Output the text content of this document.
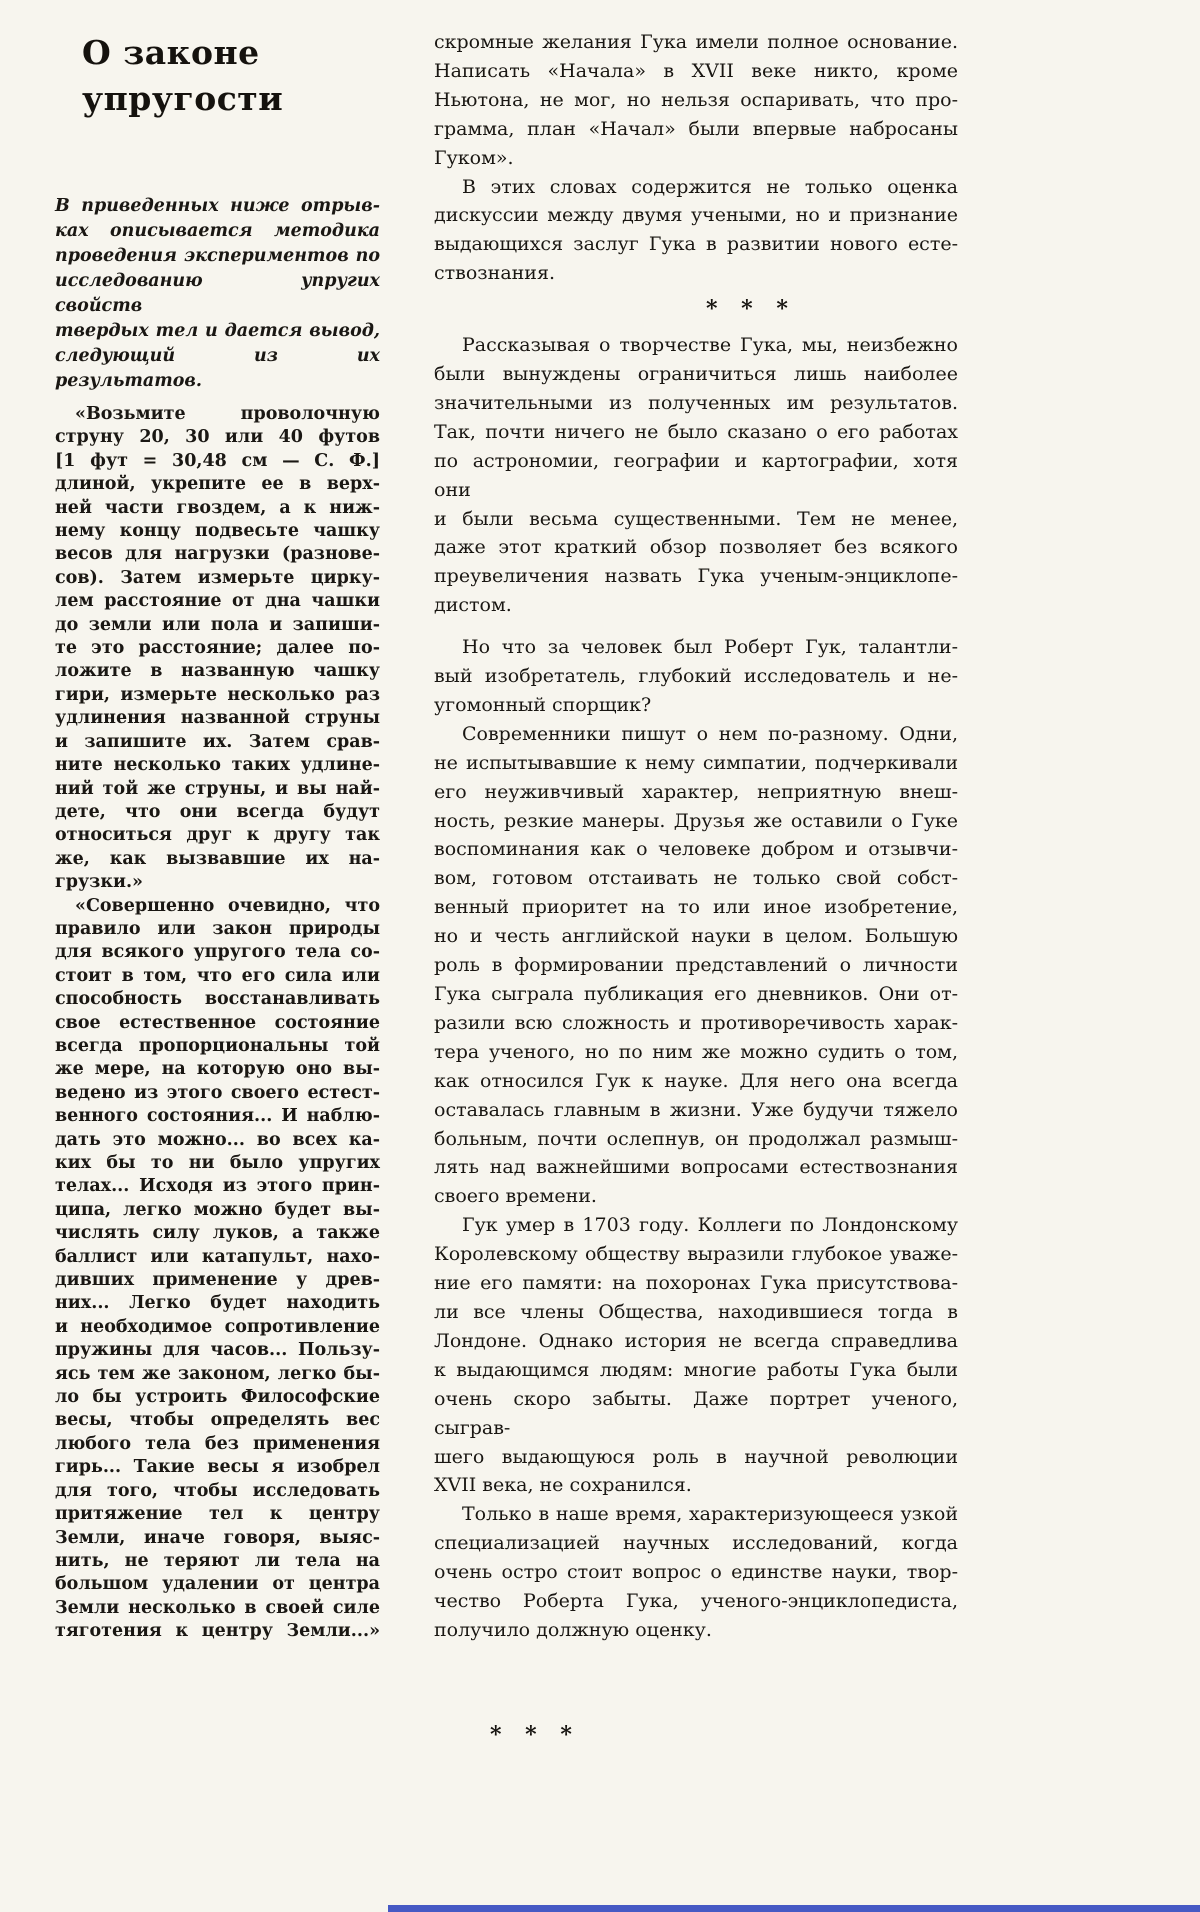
О законе
упругости
В приведенных ниже отрыв-
ках описывается методика
проведения экспериментов по
исследованию упругих свойств
твердых тел и дается вывод,
следующий из их результатов.
«Возьмите проволочную
струну 20, 30 или 40 футов
[1 фут = 30,48 см — С. Ф.]
длиной, укрепите ее в верх-
ней части гвоздем, а к ниж-
нему концу подвесьте чашку
весов для нагрузки (разнове-
сов). Затем измерьте цирку-
лем расстояние от дна чашки
до земли или пола и запиши-
те это расстояние; далее по-
ложите в названную чашку
гири, измерьте несколько раз
удлинения названной струны
и запишите их. Затем срав-
ните несколько таких удлине-
ний той же струны, и вы най-
дете, что они всегда будут
относиться друг к другу так
же, как вызвавшие их на-
грузки.»
«Совершенно очевидно, что
правило или закон природы
для всякого упругого тела со-
стоит в том, что его сила или
способность восстанавливать
свое естественное состояние
всегда пропорциональны той
же мере, на которую оно вы-
ведено из этого своего естест-
венного состояния... И наблю-
дать это можно... во всех ка-
ких бы то ни было упругих
телах... Исходя из этого прин-
ципа, легко можно будет вы-
числять силу луков, а также
баллист или катапульт, нахо-
дивших применение у древ-
них... Легко будет находить
и необходимое сопротивление
пружины для часов... Пользу-
ясь тем же законом, легко бы-
ло бы устроить Философские
весы, чтобы определять вес
любого тела без применения
гирь... Такие весы я изобрел
для того, чтобы исследовать
притяжение тел к центру
Земли, иначе говоря, выяс-
нить, не теряют ли тела на
большом удалении от центра
Земли несколько в своей силе
тяготения к центру Земли...»
скромные желания Гука имели полное основание.
Написать «Начала» в XVII веке никто, кроме
Ньютона, не мог, но нельзя оспаривать, что про-
грамма, план «Начал» были впервые набросаны
Гуком».
В этих словах содержится не только оценка
дискуссии между двумя учеными, но и признание
выдающихся заслуг Гука в развитии нового есте-
ствознания.
* * *
Рассказывая о творчестве Гука, мы, неизбежно
были вынуждены ограничиться лишь наиболее
значительными из полученных им результатов.
Так, почти ничего не было сказано о его работах
по астрономии, географии и картографии, хотя они
и были весьма существенными. Тем не менее,
даже этот краткий обзор позволяет без всякого
преувеличения назвать Гука ученым-энциклопе-
дистом.
Но что за человек был Роберт Гук, талантли-
вый изобретатель, глубокий исследователь и не-
угомонный спорщик?
Современники пишут о нем по-разному. Одни,
не испытывавшие к нему симпатии, подчеркивали
его неуживчивый характер, неприятную внеш-
ность, резкие манеры. Друзья же оставили о Гуке
воспоминания как о человеке добром и отзывчи-
вом, готовом отстаивать не только свой собст-
венный приоритет на то или иное изобретение,
но и честь английской науки в целом. Большую
роль в формировании представлений о личности
Гука сыграла публикация его дневников. Они от-
разили всю сложность и противоречивость харак-
тера ученого, но по ним же можно судить о том,
как относился Гук к науке. Для него она всегда
оставалась главным в жизни. Уже будучи тяжело
больным, почти ослепнув, он продолжал размыш-
лять над важнейшими вопросами естествознания
своего времени.
Гук умер в 1703 году. Коллеги по Лондонскому
Королевскому обществу выразили глубокое уваже-
ние его памяти: на похоронах Гука присутствова-
ли все члены Общества, находившиеся тогда в
Лондоне. Однако история не всегда справедлива
к выдающимся людям: многие работы Гука были
очень скоро забыты. Даже портрет ученого, сыграв-
шего выдающуюся роль в научной революции
XVII века, не сохранился.
Только в наше время, характеризующееся узкой
специализацией научных исследований, когда
очень остро стоит вопрос о единстве науки, твор-
чество Роберта Гука, ученого-энциклопедиста,
получило должную оценку.
* * *
